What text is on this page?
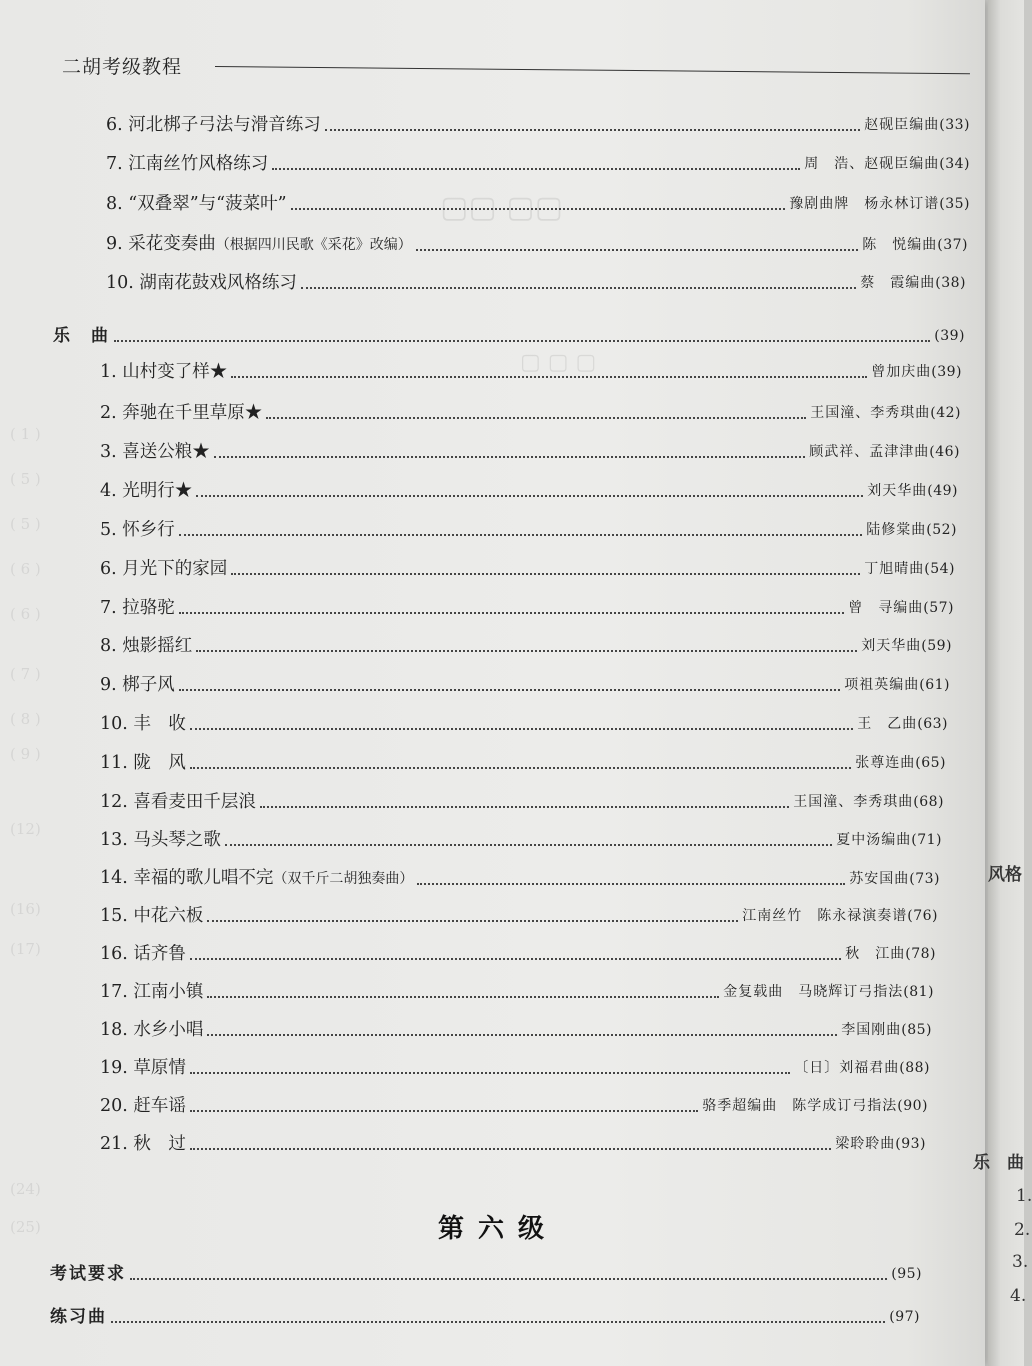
▢▢ ▢▢
▢ ▢ ▢
( 1 )
( 5 )
( 5 )
( 6 )
( 6 )
( 7 )
( 8 )
( 9 )
(12)
(16)
(17)
(24)
(25)
二胡考级教程
6. 河北梆子弓法与滑音练习	赵砚臣编曲 (33)
7. 江南丝竹风格练习	周　浩、赵砚臣编曲 (34)
8. “双叠翠”与“菠菜叶”	豫剧曲牌　杨永林订谱 (35)
9. 采花变奏曲（根据四川民歌《采花》改编）	陈　悦编曲 (37)
10. 湖南花鼓戏风格练习	蔡　霞编曲 (38)
乐　曲	(39)
1. 山村变了样★	曾加庆曲 (39)
2. 奔驰在千里草原★	王国潼、李秀琪曲 (42)
3. 喜送公粮★	顾武祥、孟津津曲 (46)
4. 光明行★	刘天华曲 (49)
5. 怀乡行	陆修棠曲 (52)
6. 月光下的家园	丁旭晴曲 (54)
7. 拉骆驼	曾　寻编曲 (57)
8. 烛影摇红	刘天华曲 (59)
9. 梆子风	项祖英编曲 (61)
10. 丰　收	王　乙曲 (63)
11. 陇　风	张尊连曲 (65)
12. 喜看麦田千层浪	王国潼、李秀琪曲 (68)
13. 马头琴之歌	夏中汤编曲 (71)
14. 幸福的歌儿唱不完（双千斤二胡独奏曲）	苏安国曲 (73)
15. 中花六板	江南丝竹　陈永禄演奏谱 (76)
16. 话齐鲁	秋　江曲 (78)
17. 江南小镇	金复载曲　马晓辉订弓指法 (81)
18. 水乡小唱	李国刚曲 (85)
19. 草原情	〔日〕刘福君曲 (88)
20. 赶车谣	骆季超编曲　陈学成订弓指法 (90)
21. 秋　过	梁聆聆曲 (93)
第六级
考试要求	(95)
练习曲	(97)
风格
乐　曲
1.
2.
3.
4.
